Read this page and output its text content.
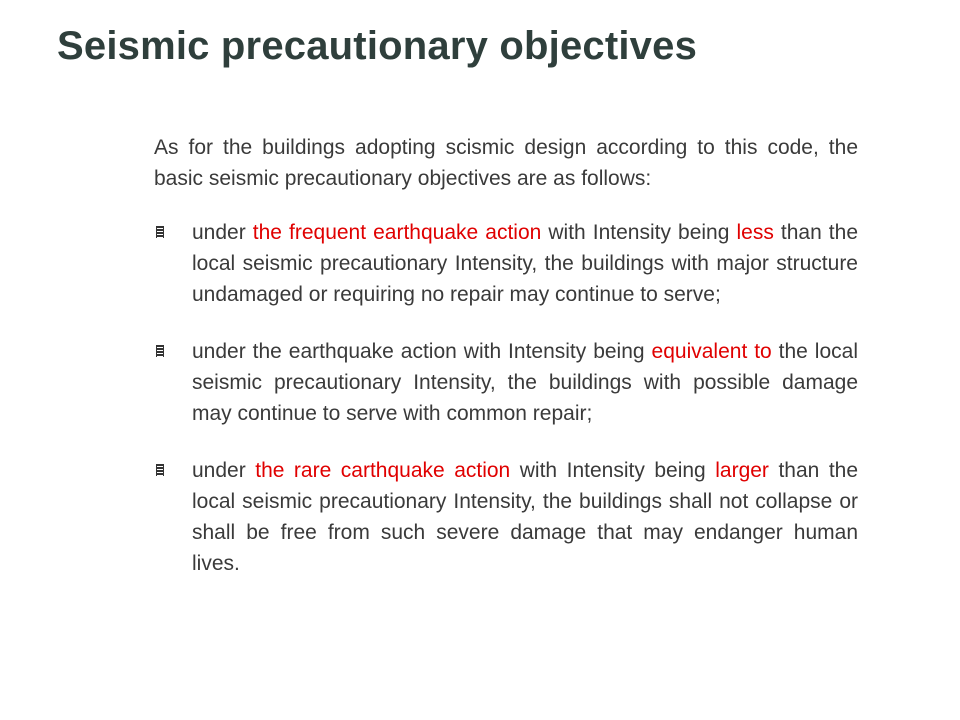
Seismic precautionary objectives

As for the buildings adopting scismic design according to this code, the basic seismic precautionary objectives are as follows:

under the frequent earthquake action with Intensity being less than the local seismic precautionary Intensity, the buildings with major structure undamaged or requiring no repair may continue to serve;
under the earthquake action with Intensity being equivalent to the local seismic precautionary Intensity, the buildings with possible damage may continue to serve with common repair;
under the rare carthquake action with Intensity being larger than the local seismic precautionary Intensity, the buildings shall not collapse or shall be free from such severe damage that may endanger human lives.
